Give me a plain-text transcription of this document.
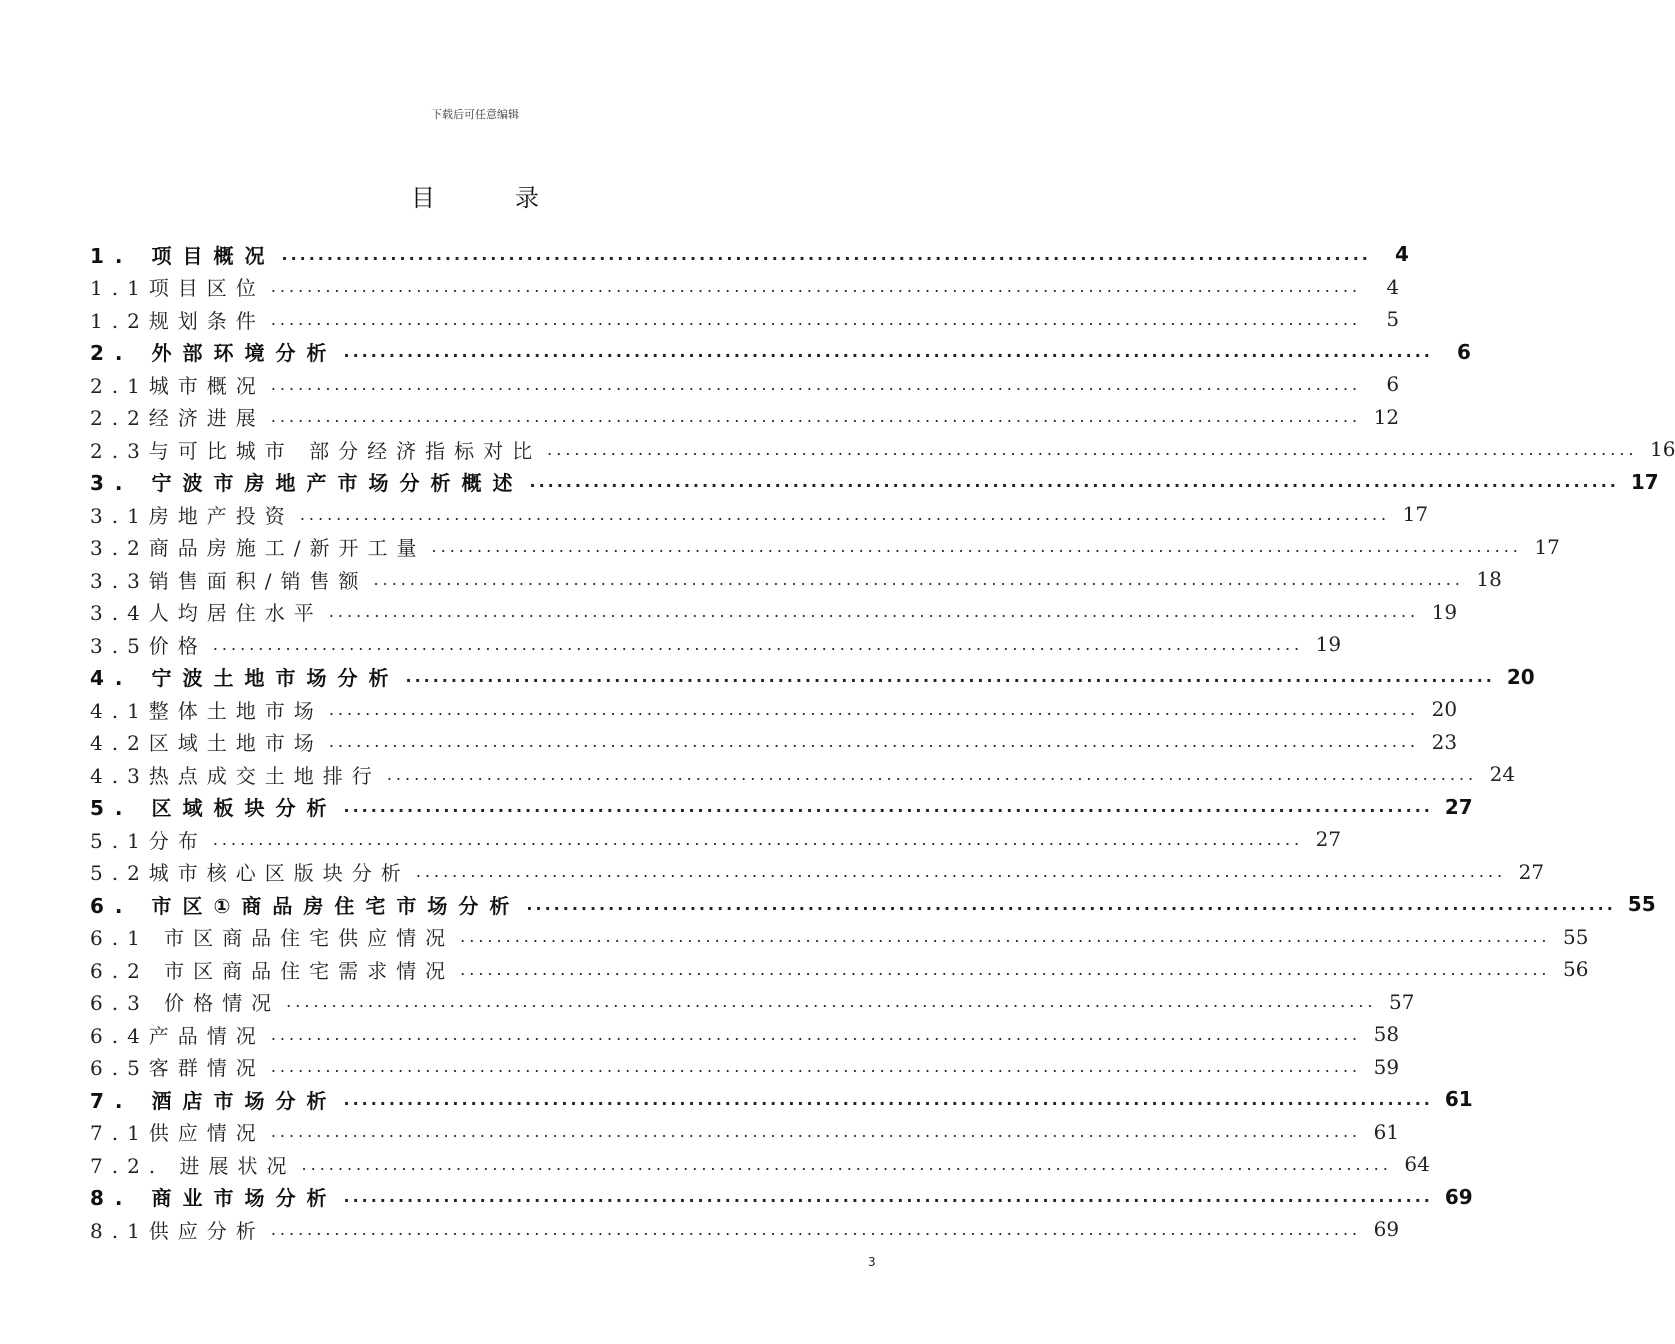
下载后可任意编辑
目	录
1. 项目概况 ........................................................................................................................	4
1.1项目区位 ........................................................................................................................	4
1.2规划条件 ........................................................................................................................	5
2. 外部环境分析 ........................................................................................................................	6
2.1城市概况 ........................................................................................................................	6
2.2经济进展 ........................................................................................................................ 12
2.3与可比城市 部分经济指标对比 ........................................................................................................................ 16
3. 宁波市房地产市场分析概述 ........................................................................................................................ 17
3.1房地产投资 ........................................................................................................................ 17
3.2商品房施工/新开工量 ........................................................................................................................ 17
3.3销售面积/销售额 ........................................................................................................................ 18
3.4人均居住水平 ........................................................................................................................ 19
3.5价格 ........................................................................................................................ 19
4. 宁波土地市场分析 ........................................................................................................................ 20
4.1整体土地市场 ........................................................................................................................ 20
4.2区域土地市场 ........................................................................................................................ 23
4.3热点成交土地排行 ........................................................................................................................ 24
5. 区域板块分析 ........................................................................................................................ 27
5.1分布 ........................................................................................................................ 27
5.2城市核心区版块分析 ........................................................................................................................ 27
6. 市区①商品房住宅市场分析 ........................................................................................................................ 55
6.1 市区商品住宅供应情况 ........................................................................................................................ 55
6.2 市区商品住宅需求情况 ........................................................................................................................ 56
6.3 价格情况 ........................................................................................................................ 57
6.4产品情况 ........................................................................................................................ 58
6.5客群情况 ........................................................................................................................ 59
7. 酒店市场分析 ........................................................................................................................ 61
7.1供应情况 ........................................................................................................................ 61
7.2. 进展状况 ........................................................................................................................ 64
8. 商业市场分析 ........................................................................................................................ 69
8.1供应分析 ........................................................................................................................ 69
3
